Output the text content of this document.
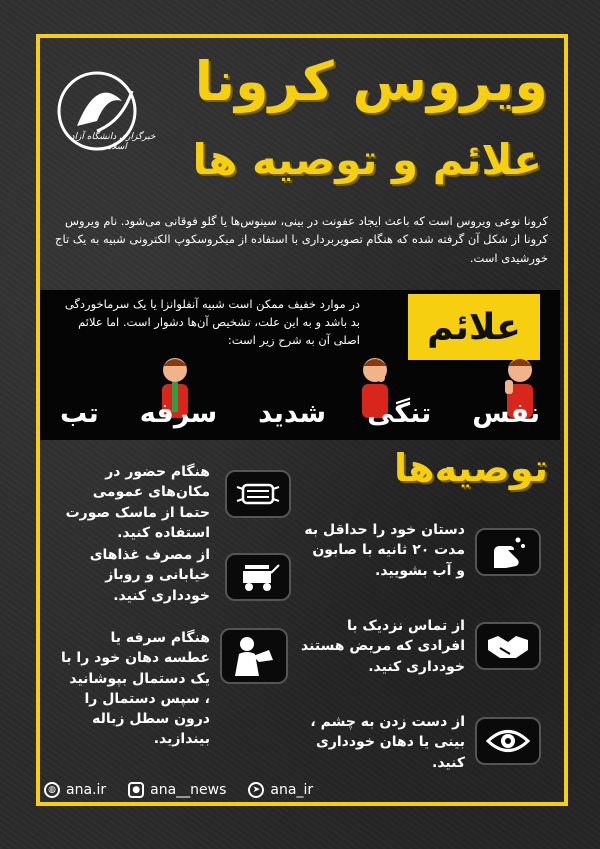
خبرگزاری دانشگاه آزاد اسلامی
ویروس کرونا
علائم و توصیه ها
کرونا نوعی ویروس است که باعث ایجاد عفونت در بینی، سینوس‌ها یا گلو فوقانی می‌شود. نام ویروس کرونا از شکل آن گرفته شده که هنگام تصویربرداری با استفاده از میکروسکوپ الکترونی شبیه به یک تاج خورشیدی است.
علائم
در موارد خفیف ممکن است شبیه آنفلوانزا یا یک سرماخوردگی بد باشد و به این علت، تشخیص آن‌ها دشوار است. اما علائم اصلی آن به شرح زیر است:
نفس
تنگی
شدید
سرفه
تب
توصیه‌ها
هنگام حضور در مکان‌های عمومی حتما از ماسک صورت استفاده کنید.
از مصرف غذاهای خیابانی و روباز خودداری کنید.
هنگام سرفه یا عطسه دهان خود را با یک دستمال بپوشانید ، سپس دستمال را درون سطل زباله بیندازید.
دستان خود را حداقل به مدت ۲۰ ثانیه با صابون و آب بشویید.
از تماس نزدیک با افرادی که مریض هستند خودداری کنید.
از دست زدن به چشم ، بینی یا دهان خودداری کنید.
◍ ana.ir	● ana__news	➤ ana_ir
